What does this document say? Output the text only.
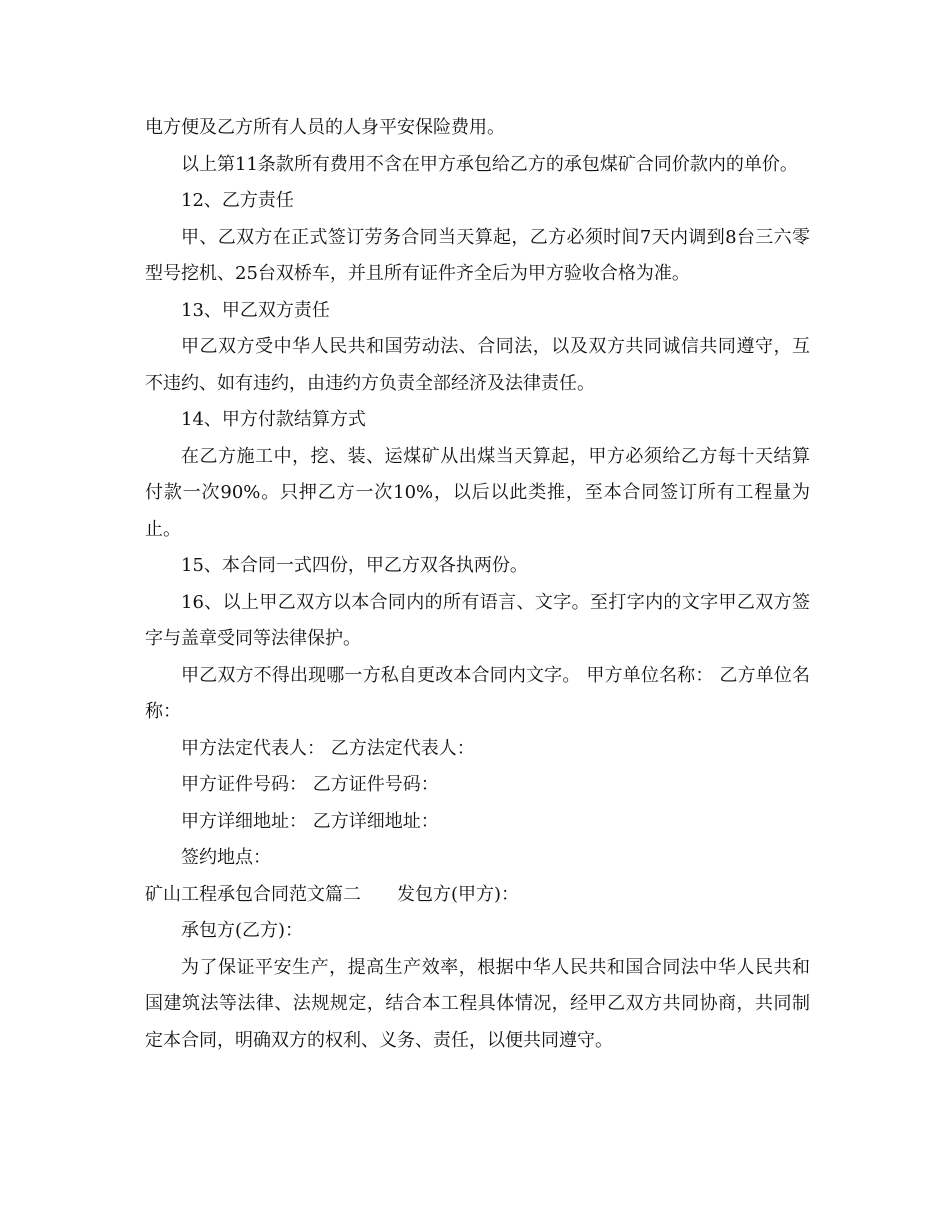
电方便及乙方所有人员的人身平安保险费用。

以上第11条款所有费用不含在甲方承包给乙方的承包煤矿合同价款内的单价。

12、乙方责任

甲、乙双方在正式签订劳务合同当天算起，乙方必须时间7天内调到8台三六零型号挖机、25台双桥车，并且所有证件齐全后为甲方验收合格为准。

13、甲乙双方责任

甲乙双方受中华人民共和国劳动法、合同法，以及双方共同诚信共同遵守，互不违约、如有违约，由违约方负责全部经济及法律责任。

14、甲方付款结算方式

在乙方施工中，挖、装、运煤矿从出煤当天算起，甲方必须给乙方每十天结算付款一次90%。只押乙方一次10%，以后以此类推，至本合同签订所有工程量为止。

15、本合同一式四份，甲乙方双各执两份。

16、以上甲乙双方以本合同内的所有语言、文字。至打字内的文字甲乙双方签字与盖章受同等法律保护。

甲乙双方不得出现哪一方私自更改本合同内文字。 甲方单位名称： 乙方单位名称：

甲方法定代表人： 乙方法定代表人：

甲方证件号码： 乙方证件号码：

甲方详细地址： 乙方详细地址：

签约地点：

矿山工程承包合同范文篇二 发包方(甲方)：

承包方(乙方)：

为了保证平安生产，提高生产效率，根据中华人民共和国合同法中华人民共和国建筑法等法律、法规规定，结合本工程具体情况，经甲乙双方共同协商，共同制定本合同，明确双方的权利、义务、责任，以便共同遵守。
